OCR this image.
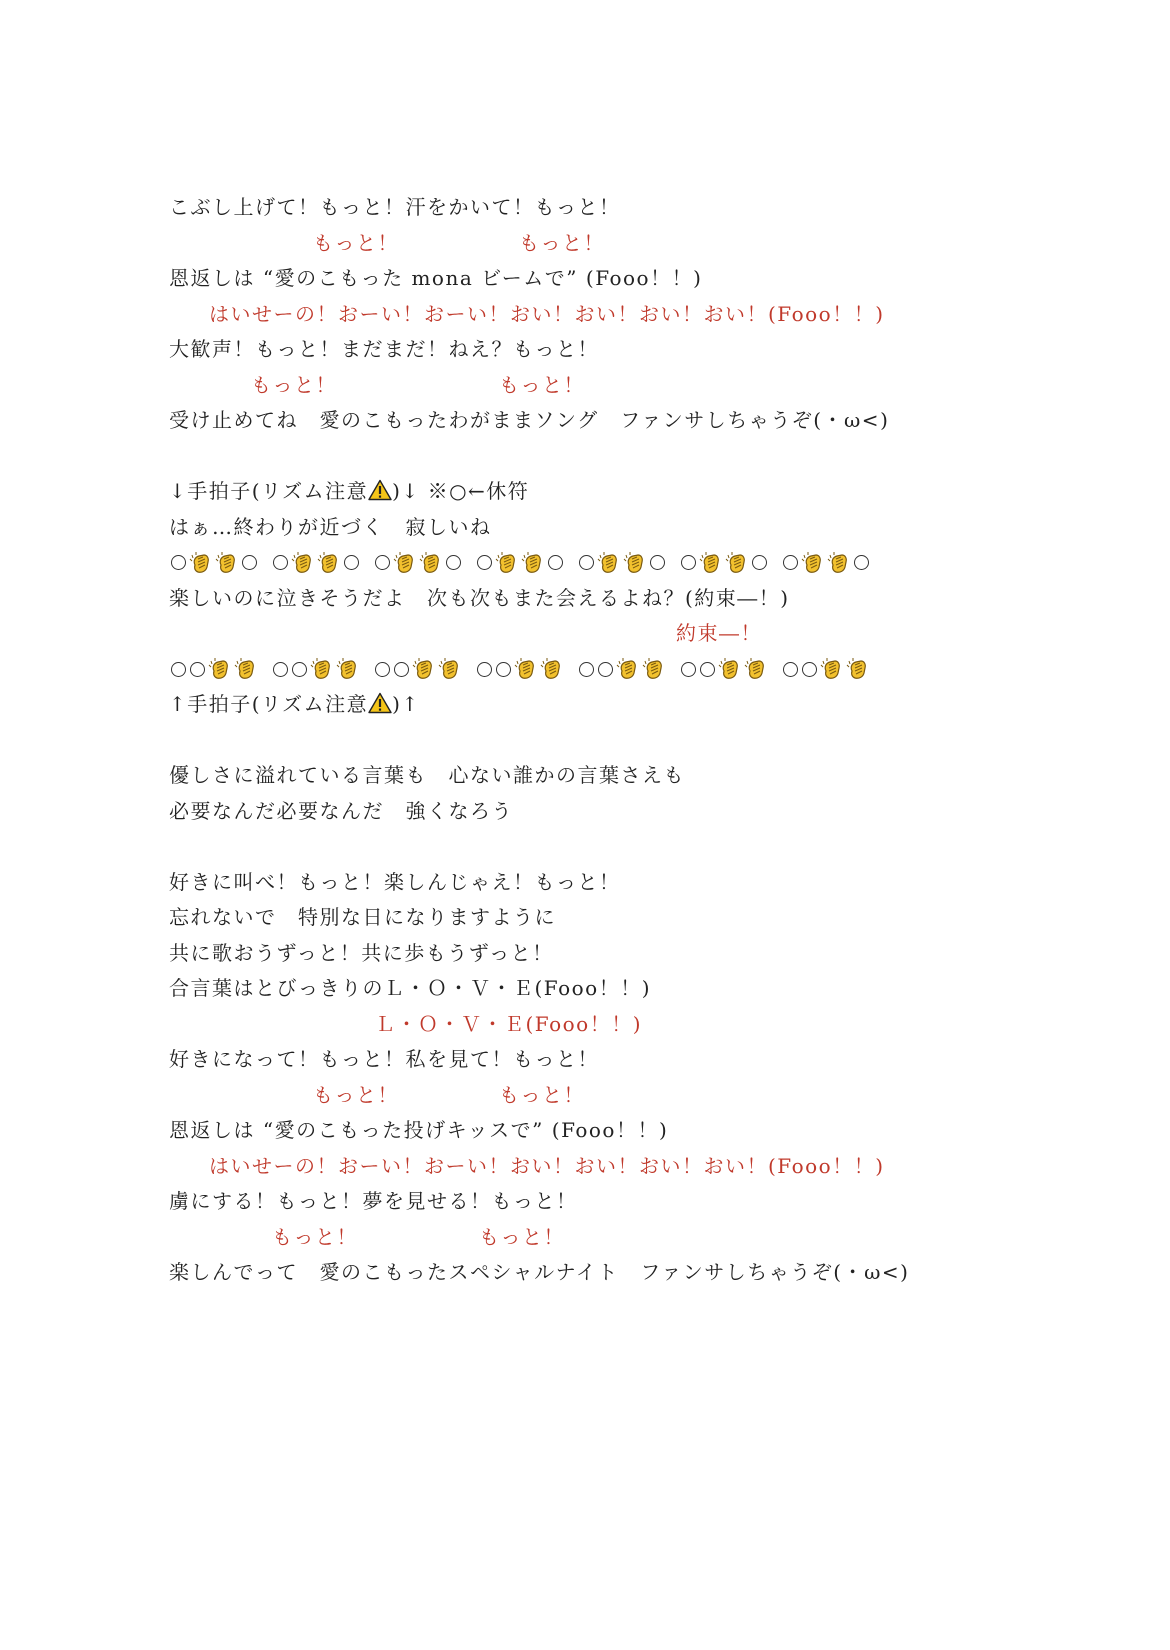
こぶし上げて！もっと！汗をかいて！もっと！
もっと！	もっと！
恩返しは “愛のこもった mona ビームで” (Fooo！！)
はいせーの！おーい！おーい！おい！おい！おい！おい！(Fooo！！)
大歓声！もっと！まだまだ！ねえ？もっと！
もっと！	もっと！
受け止めてね　愛のこもったわがままソング　ファンサしちゃうぞ(・ω<)
↓手拍子(リズム注意 )↓ ※○←休符
はぁ…終わりが近づく　寂しいね
楽しいのに泣きそうだよ　次も次もまた会えるよね？(約束―！)
約束―！
↑手拍子(リズム注意 )↑
優しさに溢れている言葉も　心ない誰かの言葉さえも
必要なんだ必要なんだ　強くなろう
好きに叫べ！もっと！楽しんじゃえ！もっと！
忘れないで　特別な日になりますように
共に歌おうずっと！共に歩もうずっと！
合言葉はとびっきりのＬ・Ｏ・Ｖ・Ｅ(Fooo！！)
Ｌ・Ｏ・Ｖ・Ｅ(Fooo！！)
好きになって！もっと！私を見て！もっと！
もっと！	もっと！
恩返しは “愛のこもった投げキッスで” (Fooo！！)
はいせーの！おーい！おーい！おい！おい！おい！おい！(Fooo！！)
虜にする！もっと！夢を見せる！もっと！
もっと！	もっと！
楽しんでって　愛のこもったスペシャルナイト　ファンサしちゃうぞ(・ω<)
